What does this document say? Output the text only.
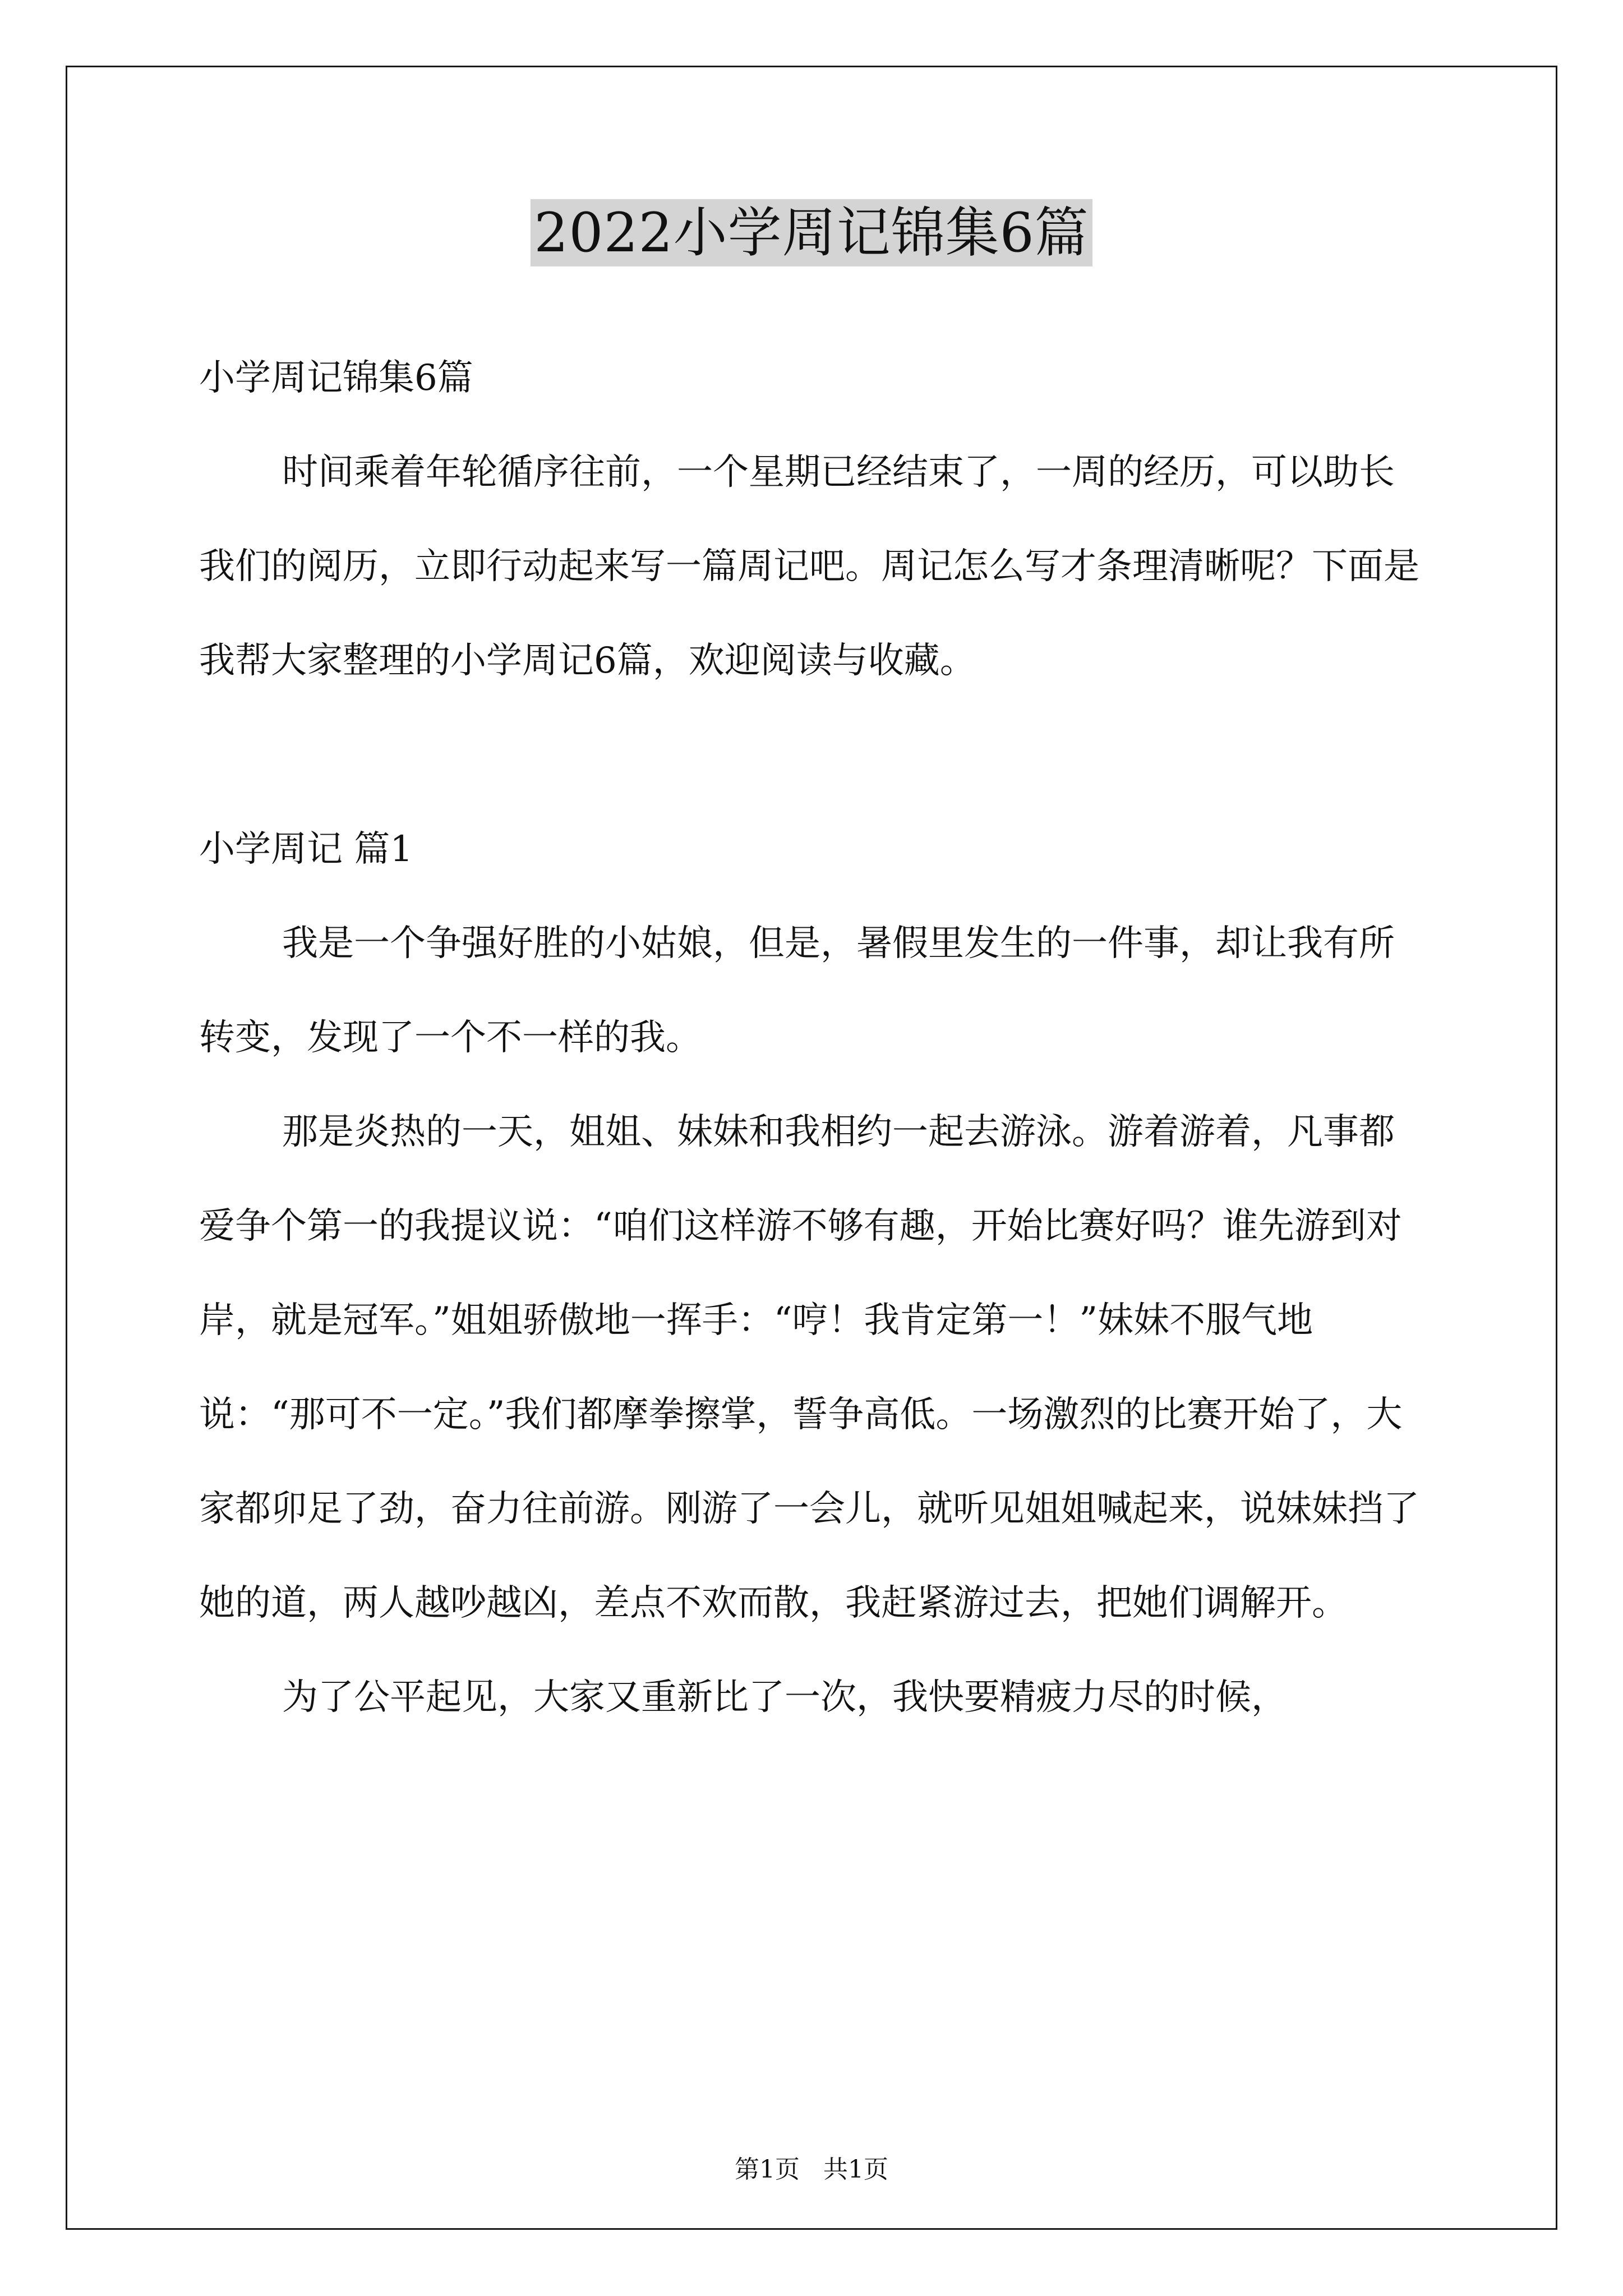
2022小学周记锦集6篇

小学周记锦集6篇

时间乘着年轮循序往前，一个星期已经结束了，一周的经历，可以助长我们的阅历，立即行动起来写一篇周记吧。周记怎么写才条理清晰呢？下面是我帮大家整理的小学周记6篇，欢迎阅读与收藏。

小学周记 篇1

我是一个争强好胜的小姑娘，但是，暑假里发生的一件事，却让我有所转变，发现了一个不一样的我。

那是炎热的一天，姐姐、妹妹和我相约一起去游泳。游着游着，凡事都爱争个第一的我提议说：“咱们这样游不够有趣，开始比赛好吗？谁先游到对岸，就是冠军。”姐姐骄傲地一挥手：“哼！我肯定第一！”妹妹不服气地说：“那可不一定。”我们都摩拳擦掌，誓争高低。一场激烈的比赛开始了，大家都卯足了劲，奋力往前游。刚游了一会儿，就听见姐姐喊起来，说妹妹挡了她的道，两人越吵越凶，差点不欢而散，我赶紧游过去，把她们调解开。

为了公平起见，大家又重新比了一次，我快要精疲力尽的时候，

第1页   共1页
